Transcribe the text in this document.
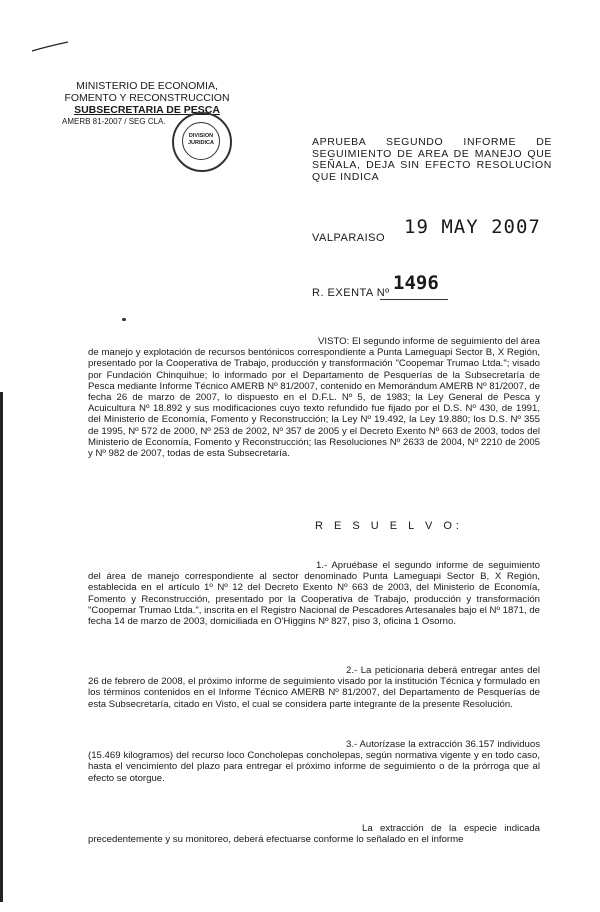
MINISTERIO DE ECONOMIA,
FOMENTO Y RECONSTRUCCION
SUBSECRETARIA DE PESCA
AMERB 81-2007 / SEG CLA.
DIVISION
JURIDICA	APRUEBA SEGUNDO INFORME DE SEGUIMIENTO DE AREA DE MANEJO QUE SEÑALA, DEJA SIN EFECTO RESOLUCION QUE INDICA
VALPARAISO 19 MAY 2007
R. EXENTA Nº 1496
VISTO: El segundo informe de seguimiento del área de manejo y explotación de recursos bentónicos correspondiente a Punta Lameguapi Sector B, X Región, presentado por la Cooperativa de Trabajo, producción y transformación "Coopemar Trumao Ltda."; visado por Fundación Chinquihue; lo informado por el Departamento de Pesquerías de la Subsecretaría de Pesca mediante Informe Técnico AMERB Nº 81/2007, contenido en Memorándum AMERB Nº 81/2007, de fecha 26 de marzo de 2007, lo dispuesto en el D.F.L. Nº 5, de 1983; la Ley General de Pesca y Acuicultura Nº 18.892 y sus modificaciones cuyo texto refundido fue fijado por el D.S. Nº 430, de 1991, del Ministerio de Economía, Fomento y Reconstrucción; la Ley Nº 19.492, la Ley 19.880; los D.S. Nº 355 de 1995, Nº 572 de 2000, Nº 253 de 2002, Nº 357 de 2005 y el Decreto Exento Nº 663 de 2003, todos del Ministerio de Economía, Fomento y Reconstrucción; las Resoluciones Nº 2633 de 2004, Nº 2210 de 2005 y Nº 982 de 2007, todas de esta Subsecretaría.
R E S U E L V O:
1.- Apruébase el segundo informe de seguimiento del área de manejo correspondiente al sector denominado Punta Lameguapi Sector B, X Región, establecida en el artículo 1º Nº 12 del Decreto Exento Nº 663 de 2003, del Ministerio de Economía, Fomento y Reconstrucción, presentado por la Cooperativa de Trabajo, producción y transformación "Coopemar Trumao Ltda.", inscrita en el Registro Nacional de Pescadores Artesanales bajo el Nº 1871, de fecha 14 de marzo de 2003, domiciliada en O'Higgins Nº 827, piso 3, oficina 1 Osorno.
2.- La peticionaria deberá entregar antes del 26 de febrero de 2008, el próximo informe de seguimiento visado por la institución Técnica y formulado en los términos contenidos en el Informe Técnico AMERB Nº 81/2007, del Departamento de Pesquerías de esta Subsecretaría, citado en Visto, el cual se considera parte integrante de la presente Resolución.
3.- Autorízase la extracción 36.157 individuos (15.469 kilogramos) del recurso loco Concholepas concholepas, según normativa vigente y en todo caso, hasta el vencimiento del plazo para entregar el próximo informe de seguimiento o de la prórroga que al efecto se otorgue.
La extracción de la especie indicada precedentemente y su monitoreo, deberá efectuarse conforme lo señalado en el informe
